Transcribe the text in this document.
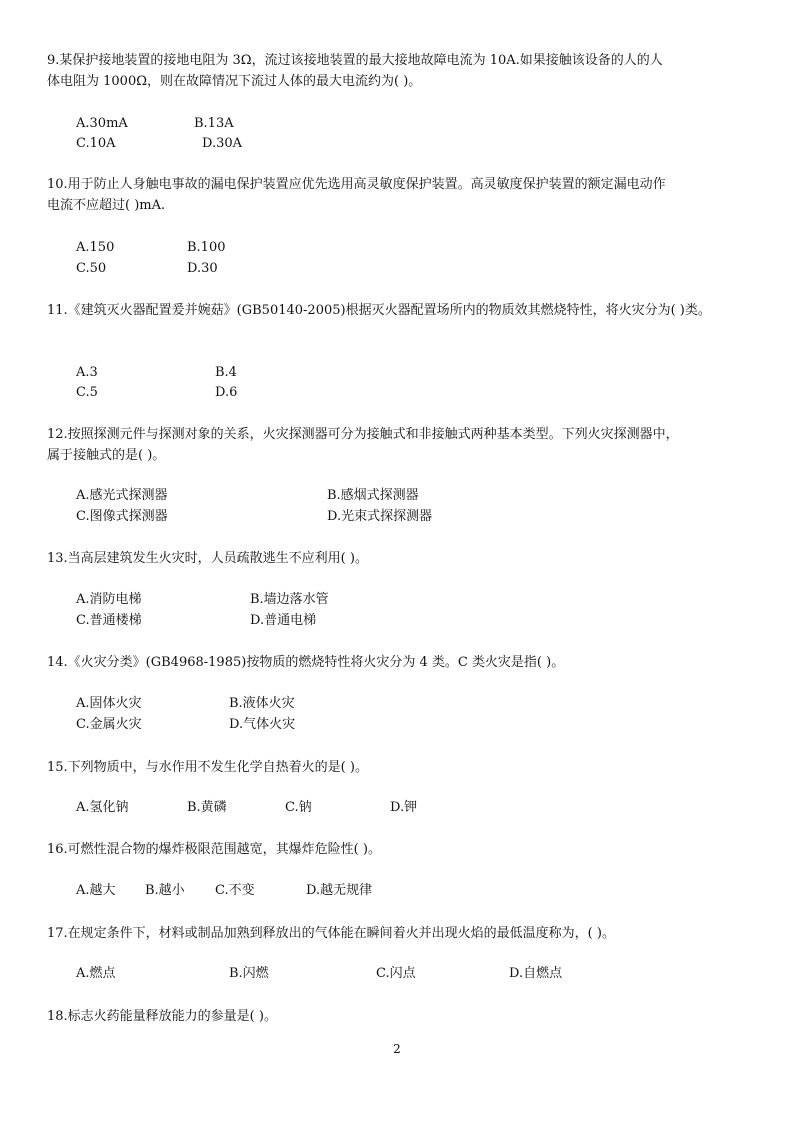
9.某保护接地装置的接地电阻为 3Ω，流过该接地装置的最大接地故障电流为 10A.如果接触该设备的人的人
体电阻为 1000Ω，则在故障情况下流过人体的最大电流约为( )。
A.30mA	B.13A
C.10A	D.30A
10.用于防止人身触电事故的漏电保护装置应优先选用高灵敏度保护装置。高灵敏度保护装置的额定漏电动作
电流不应超过( )mA.
A.150	B.100
C.50	D.30
11.《建筑灭火器配置爰并婉菇》(GB50140-2005)根据灭火器配置场所内的物质效其燃烧特性，将火灾分为( )类。
A.3	B.4
C.5	D.6
12.按照探测元件与探测对象的关系，火灾探测器可分为接触式和非接触式两种基本类型。下列火灾探测器中，
属于接触式的是( )。
A.感光式探测器	B.感烟式探测器
C.图像式探测器	D.光束式探探测器
13.当高层建筑发生火灾时，人员疏散逃生不应利用( )。
A.消防电梯	B.墙边落水管
C.普通楼梯	D.普通电梯
14.《火灾分类》(GB4968-1985)按物质的燃烧特性将火灾分为 4 类。C 类火灾是指( )。
A.固体火灾	B.液体火灾
C.金属火灾	D.气体火灾
15.下列物质中，与水作用不发生化学自热着火的是( )。
A.氢化钠	B.黄磷	C.钠	D.钾
16.可燃性混合物的爆炸极限范围越宽，其爆炸危险性( )。
A.越大 B.越小 C.不变	D.越无规律
17.在规定条件下，材料或制品加熟到释放出的气体能在瞬间着火并出现火焰的最低温度称为，( )。
A.燃点	B.闪燃	C.闪点	D.自燃点
18.标志火药能量释放能力的参量是( )。
2
